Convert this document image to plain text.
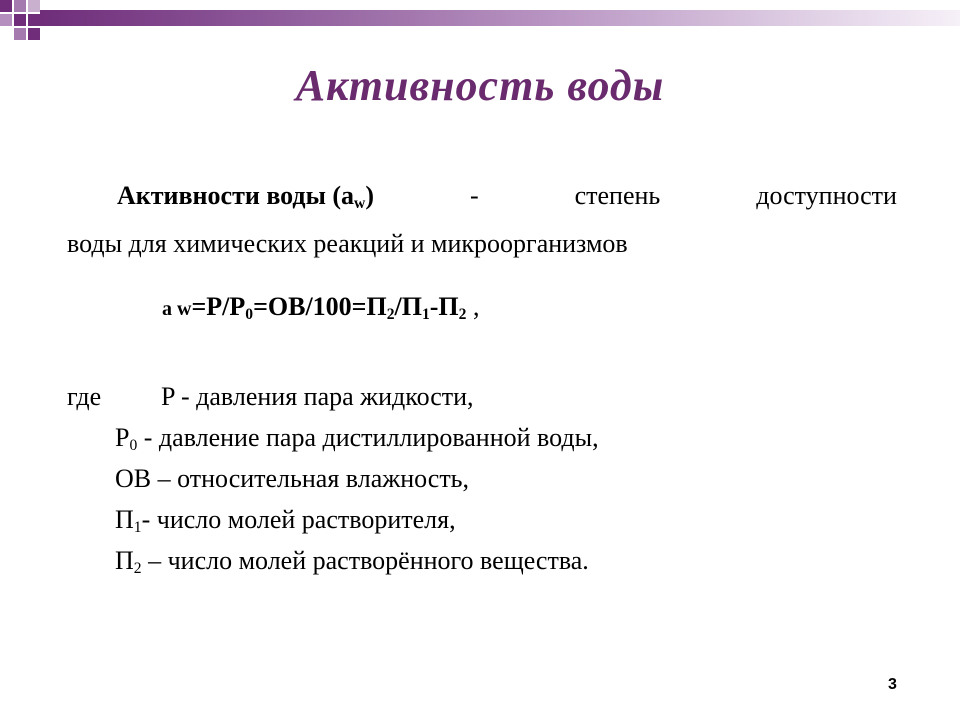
Активность воды
Активности воды $(a_w)$	-	степень	доступности
воды для химических реакций и микроорганизмов
a $w=P/P_0=ОВ/100=П_2/П_1-П_2$ ,
где P - давления пара жидкости,
$P_0$ - давление пара дистиллированной воды,
ОВ – относительная влажность,
$П_1-$ число молей растворителя,
$П_2$ – число молей растворённого вещества.
3
